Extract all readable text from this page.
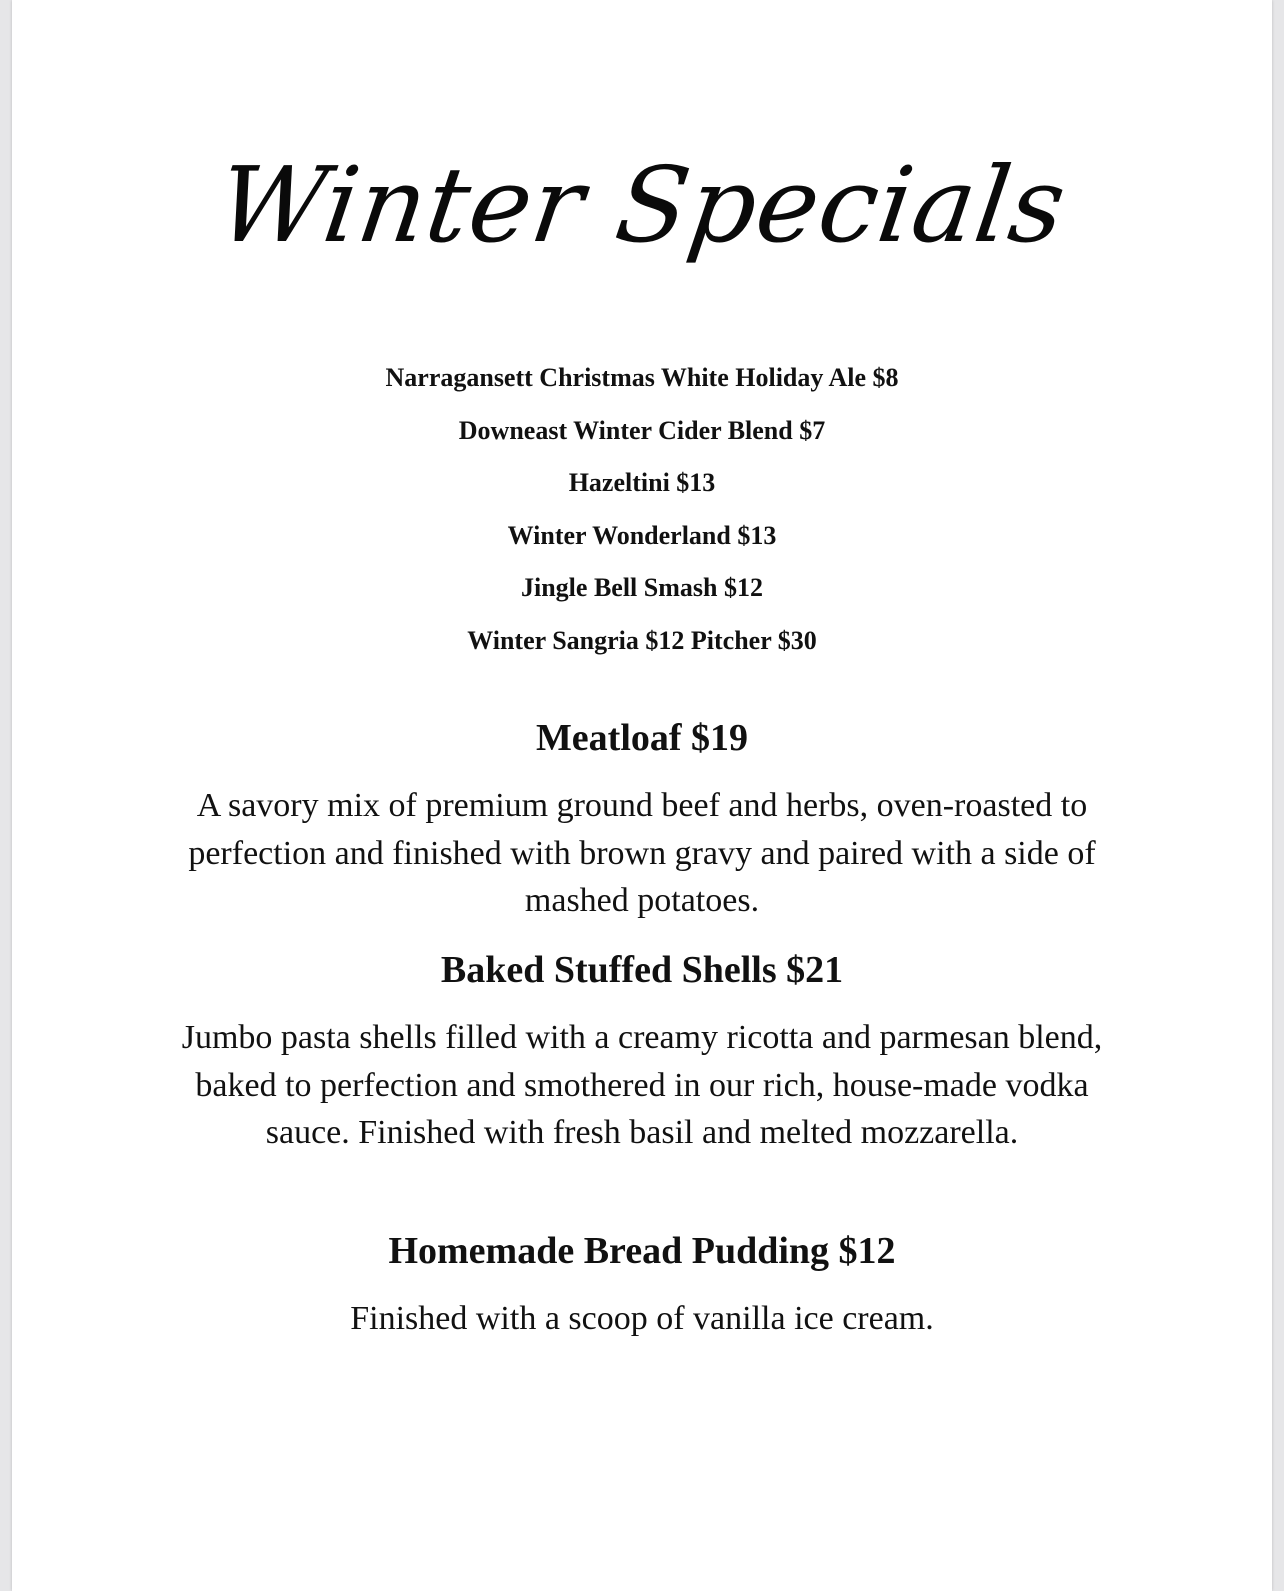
Winter Specials
Narragansett Christmas White Holiday Ale $8
Downeast Winter Cider Blend $7
Hazeltini $13
Winter Wonderland $13
Jingle Bell Smash $12
Winter Sangria $12 Pitcher $30
Meatloaf $19
A savory mix of premium ground beef and herbs, oven-roasted to perfection and finished with brown gravy and paired with a side of mashed potatoes.
Baked Stuffed Shells $21
Jumbo pasta shells filled with a creamy ricotta and parmesan blend, baked to perfection and smothered in our rich, house-made vodka sauce. Finished with fresh basil and melted mozzarella.
Homemade Bread Pudding $12
Finished with a scoop of vanilla ice cream.
